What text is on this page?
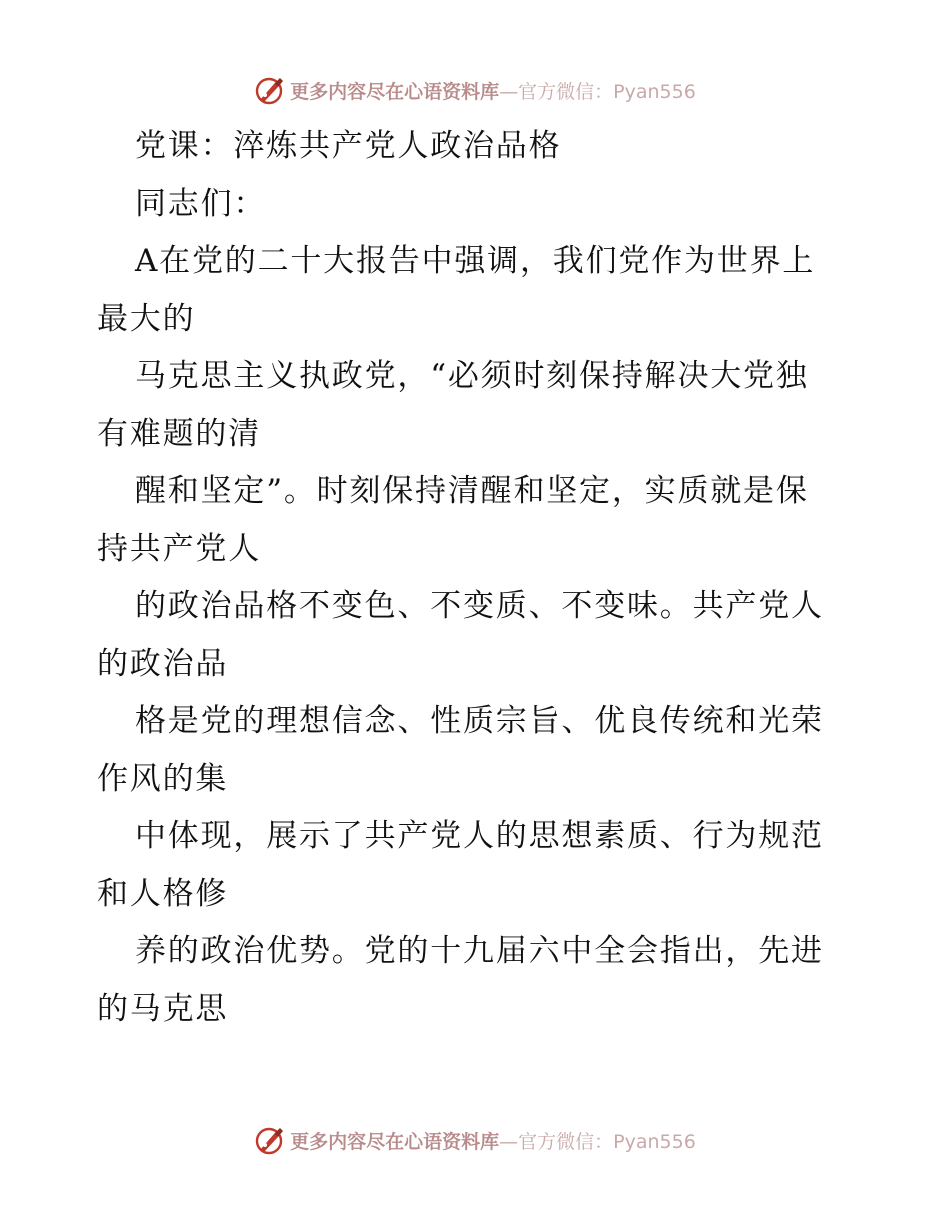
更多内容尽在心语资料库—官方微信：Pyan556
党课：淬炼共产党人政治品格
同志们：
A在党的二十大报告中强调，我们党作为世界上
最大的
马克思主义执政党，“必须时刻保持解决大党独
有难题的清
醒和坚定”。时刻保持清醒和坚定，实质就是保
持共产党人
的政治品格不变色、不变质、不变味。共产党人
的政治品
格是党的理想信念、性质宗旨、优良传统和光荣
作风的集
中体现，展示了共产党人的思想素质、行为规范
和人格修
养的政治优势。党的十九届六中全会指出，先进
的马克思
更多内容尽在心语资料库—官方微信：Pyan556
